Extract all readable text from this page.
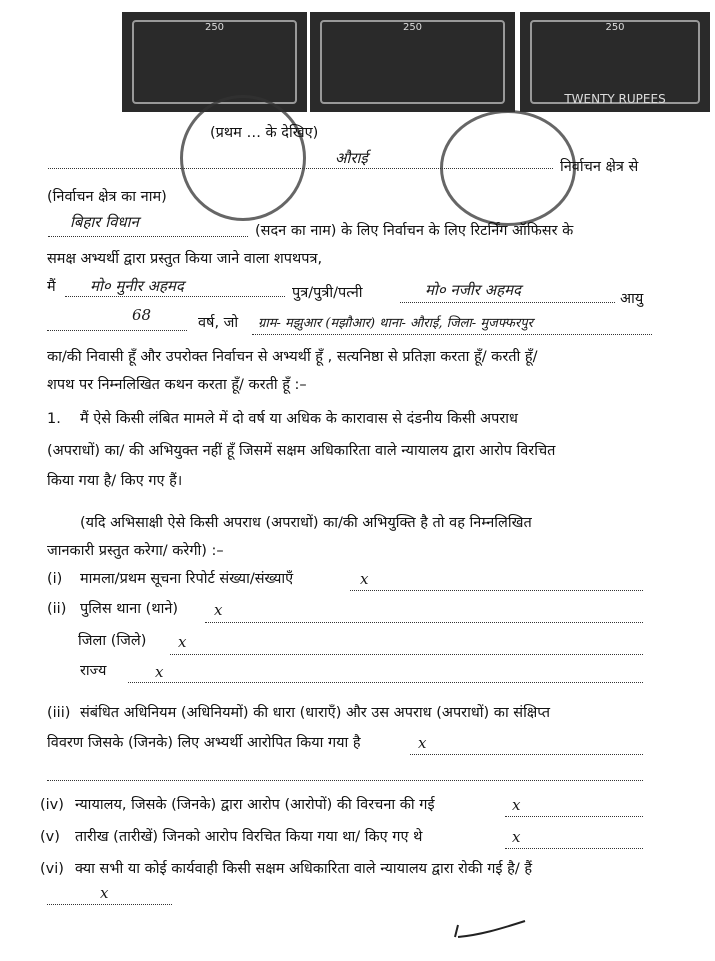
250	250	250
TWENTY RUPEES
(प्रथम … के देखिए)
औराई	निर्वाचन क्षेत्र से
(निर्वाचन क्षेत्र का नाम)
बिहार विधान	(सदन का नाम) के लिए निर्वाचन के लिए रिटर्निंग ऑफिसर के
समक्ष अभ्यर्थी द्वारा प्रस्तुत किया जाने वाला शपथपत्र,
मैं मो० मुनीर अहमद	पुत्र/पुत्री/पत्नी	मो० नजीर अहमद	आयु
68	वर्ष, जो ग्राम- मझुआर (मझौआर) थाना- औराई, जिला- मुजफ्फरपुर
का/की निवासी हूँ और उपरोक्त निर्वाचन से अभ्यर्थी हूँ , सत्यनिष्ठा से प्रतिज्ञा करता हूँ/ करती हूँ/
शपथ पर निम्नलिखित कथन करता हूँ/ करती हूँ :–
1. मैं ऐसे किसी लंबित मामले में दो वर्ष या अधिक के कारावास से दंडनीय किसी अपराध
(अपराधों) का/ की अभियुक्त नहीं हूँ जिसमें सक्षम अधिकारिता वाले न्यायालय द्वारा आरोप विरचित
किया गया है/ किए गए हैं।
(यदि अभिसाक्षी ऐसे किसी अपराध (अपराधों) का/की अभियुक्ति है तो वह निम्नलिखित
जानकारी प्रस्तुत करेगा/ करेगी) :–
(i) मामला/प्रथम सूचना रिपोर्ट संख्या/संख्याएँ	x
(ii) पुलिस थाना (थाने) x
जिला (जिले) x
राज्य	x
(iii) संबंधित अधिनियम (अधिनियमों) की धारा (धाराएँ) और उस अपराध (अपराधों) का संक्षिप्त
विवरण जिसके (जिनके) लिए अभ्यर्थी आरोपित किया गया है	x
(iv) न्यायालय, जिसके (जिनके) द्वारा आरोप (आरोपों) की विरचना की गई	x
(v) तारीख (तारीखें) जिनको आरोप विरचित किया गया था/ किए गए थे	x
(vi) क्या सभी या कोई कार्यवाही किसी सक्षम अधिकारिता वाले न्यायालय द्वारा रोकी गई है/ हैं
x
